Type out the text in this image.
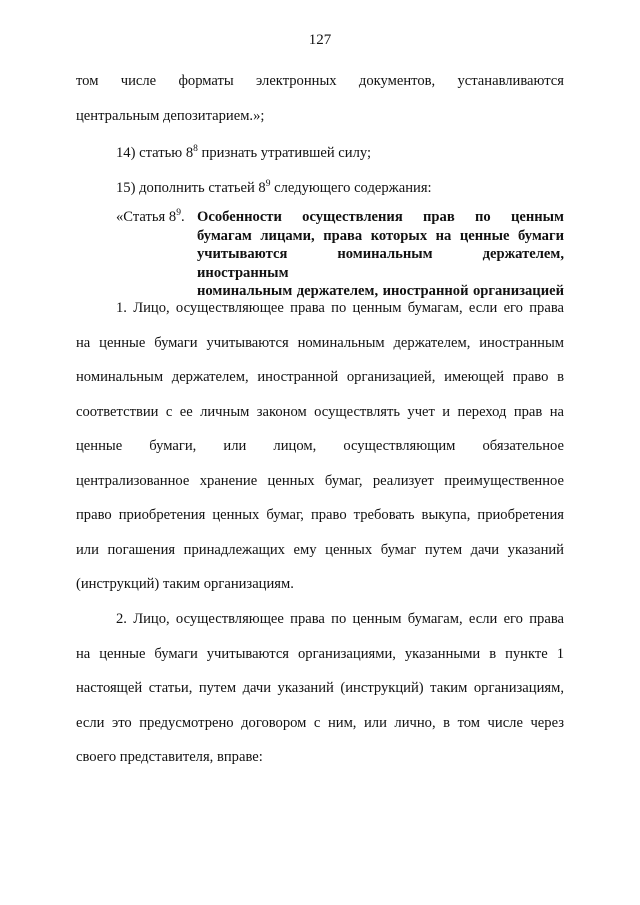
127
том числе форматы электронных документов, устанавливаются
центральным депозитарием.»;
14) статью $8^8$ признать утратившей силу;
15) дополнить статьей $8^9$ следующего содержания:
«Статья $8^9$. Особенности осуществления прав по ценным
бумагам лицами, права которых на ценные бумаги
учитываются номинальным держателем, иностранным
номинальным держателем, иностранной организацией
1. Лицо, осуществляющее права по ценным бумагам, если его права
на ценные бумаги учитываются номинальным держателем, иностранным
номинальным держателем, иностранной организацией, имеющей право в
соответствии с ее личным законом осуществлять учет и переход прав на
ценные бумаги, или лицом, осуществляющим обязательное
централизованное хранение ценных бумаг, реализует преимущественное
право приобретения ценных бумаг, право требовать выкупа, приобретения
или погашения принадлежащих ему ценных бумаг путем дачи указаний
(инструкций) таким организациям.
2. Лицо, осуществляющее права по ценным бумагам, если его права
на ценные бумаги учитываются организациями, указанными в пункте 1
настоящей статьи, путем дачи указаний (инструкций) таким организациям,
если это предусмотрено договором с ним, или лично, в том числе через
своего представителя, вправе:
